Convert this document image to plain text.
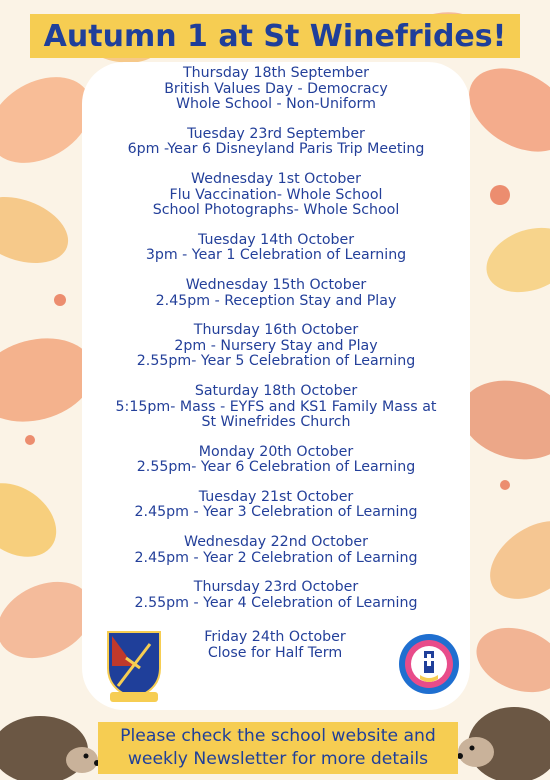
Autumn 1 at St Winefrides!
Thursday 18th September
British Values Day - Democracy
Whole School - Non-Uniform
Tuesday 23rd September
6pm -Year 6 Disneyland Paris Trip Meeting
Wednesday 1st October
Flu Vaccination- Whole School
School Photographs- Whole School
Tuesday 14th October
3pm - Year 1 Celebration of Learning
Wednesday 15th October
2.45pm - Reception Stay and Play
Thursday 16th October
2pm - Nursery Stay and Play
2.55pm- Year 5 Celebration of Learning
Saturday 18th October
5:15pm- Mass - EYFS and KS1 Family Mass at
St Winefrides Church
Monday 20th October
2.55pm- Year 6 Celebration of Learning
Tuesday 21st October
2.45pm - Year 3 Celebration of Learning
Wednesday 22nd October
2.45pm - Year 2 Celebration of Learning
Thursday 23rd October
2.55pm - Year 4 Celebration of Learning
Friday 24th October
Close for Half Term
Please check the school website and
weekly Newsletter for more details
